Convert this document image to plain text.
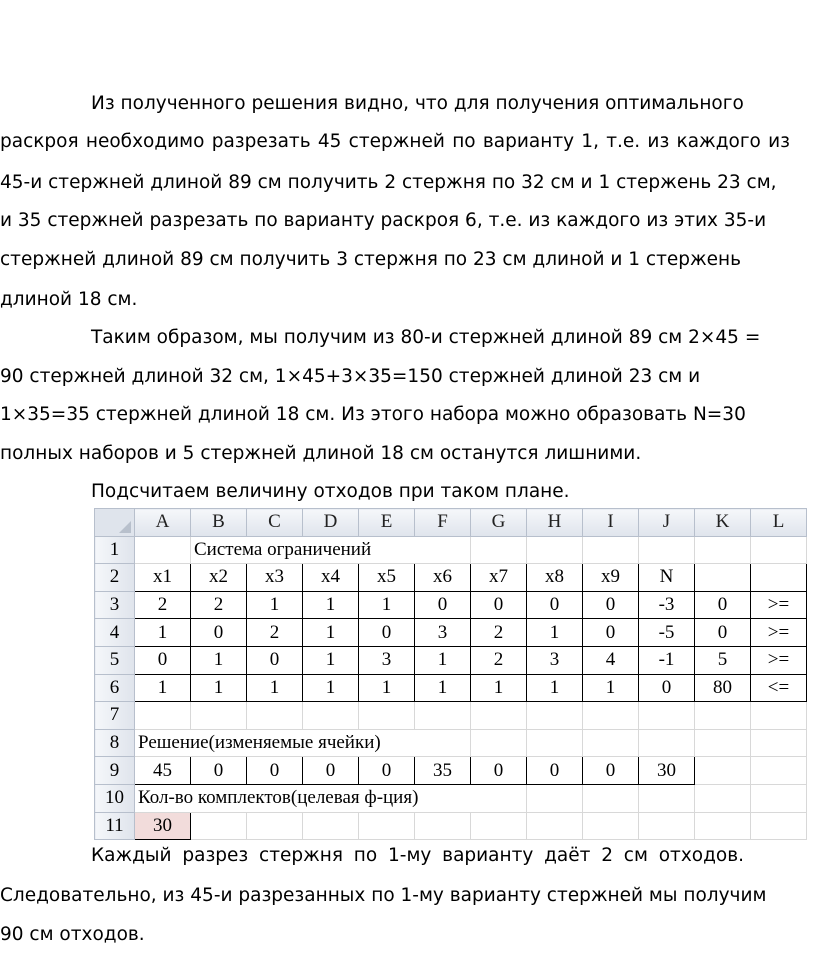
Из полученного решения видно, что для получения оптимального
раскроя необходимо разрезать 45 стержней по варианту 1, т.е. из каждого из
45-и стержней длиной 89 см получить 2 стержня по 32 см и 1 стержень 23 см,
и 35 стержней разрезать по варианту раскроя 6, т.е. из каждого из этих 35-и
стержней длиной 89 см получить 3 стержня по 23 см длиной и 1 стержень
длиной 18 см.
Таким образом, мы получим из 80-и стержней длиной 89 см 2×45 =
90 стержней длиной 32 см, 1×45+3×35=150 стержней длиной 23 см и
1×35=35 стержней длиной 18 см. Из этого набора можно образовать N=30
полных наборов и 5 стержней длиной 18 см останутся лишними.
Подсчитаем величину отходов при таком плане.
	A	B	C	D	E	F	G	H	I	J	K	L
1		Система ограничений										
2	x1	x2	x3	x4	x5	x6	x7	x8	x9	N		
3	2	2	1	1	1	0	0	0	0	-3	0	>=
4	1	0	2	1	0	3	2	1	0	-5	0	>=
5	0	1	0	1	3	1	2	3	4	-1	5	>=
6	1	1	1	1	1	1	1	1	1	0	80	<=
7												
8	Решение(изменяемые ячейки)											
9	45	0	0	0	0	35	0	0	0	30		
10	Кол-во комплектов(целевая ф-ция)											
11	30											
Каждый разрез стержня по 1-му варианту даёт 2 см отходов.
Следовательно, из 45-и разрезанных по 1-му варианту стержней мы получим
90 см отходов.
